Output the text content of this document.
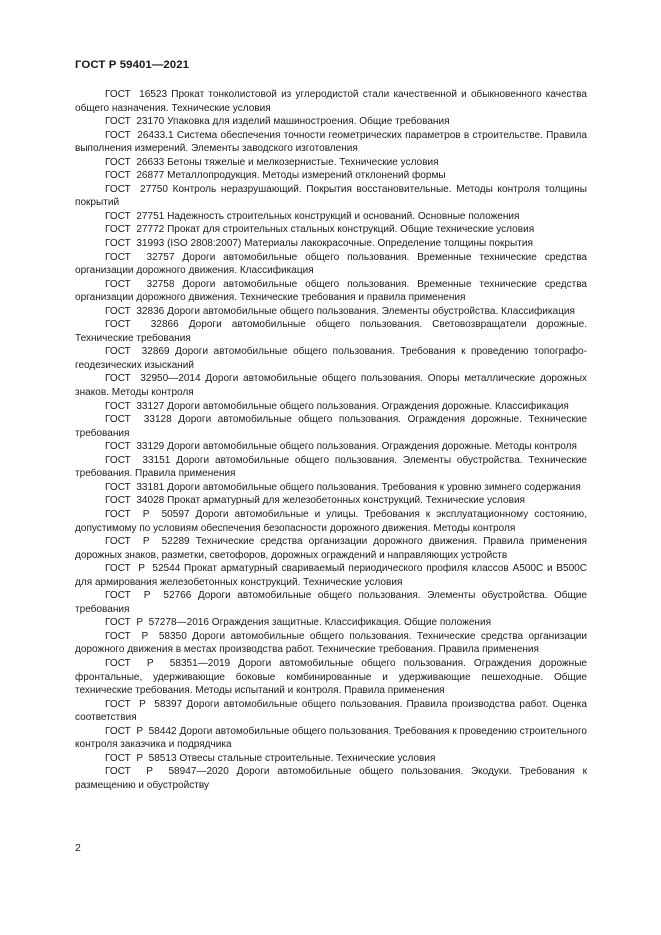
ГОСТ Р 59401—2021

ГОСТ  16523 Прокат тонколистовой из углеродистой стали качественной и обыкновенного качества общего назначения. Технические условия

ГОСТ  23170 Упаковка для изделий машиностроения. Общие требования

ГОСТ  26433.1 Система обеспечения точности геометрических параметров в строительстве. Правила выполнения измерений. Элементы заводского изготовления

ГОСТ  26633 Бетоны тяжелые и мелкозернистые. Технические условия

ГОСТ  26877 Металлопродукция. Методы измерений отклонений формы

ГОСТ  27750 Контроль неразрушающий. Покрытия восстановительные. Методы контроля толщины покрытий

ГОСТ  27751 Надежность строительных конструкций и оснований. Основные положения

ГОСТ  27772 Прокат для строительных стальных конструкций. Общие технические условия

ГОСТ  31993 (ISO 2808:2007) Материалы лакокрасочные. Определение толщины покрытия

ГОСТ  32757 Дороги автомобильные общего пользования. Временные технические средства организации дорожного движения. Классификация

ГОСТ  32758 Дороги автомобильные общего пользования. Временные технические средства организации дорожного движения. Технические требования и правила применения

ГОСТ  32836 Дороги автомобильные общего пользования. Элементы обустройства. Классификация

ГОСТ  32866 Дороги автомобильные общего пользования. Световозвращатели дорожные. Технические требования

ГОСТ  32869 Дороги автомобильные общего пользования. Требования к проведению топографо-геодезических изысканий

ГОСТ  32950—2014 Дороги автомобильные общего пользования. Опоры металлические дорожных знаков. Методы контроля

ГОСТ  33127 Дороги автомобильные общего пользования. Ограждения дорожные. Классификация

ГОСТ  33128 Дороги автомобильные общего пользования. Ограждения дорожные. Технические требования

ГОСТ  33129 Дороги автомобильные общего пользования. Ограждения дорожные. Методы контроля

ГОСТ  33151 Дороги автомобильные общего пользования. Элементы обустройства. Технические требования. Правила применения

ГОСТ  33181 Дороги автомобильные общего пользования. Требования к уровню зимнего содержания

ГОСТ  34028 Прокат арматурный для железобетонных конструкций. Технические условия

ГОСТ  Р  50597 Дороги автомобильные и улицы. Требования к эксплуатационному состоянию, допустимому по условиям обеспечения безопасности дорожного движения. Методы контроля

ГОСТ  Р  52289 Технические средства организации дорожного движения. Правила применения дорожных знаков, разметки, светофоров, дорожных ограждений и направляющих устройств

ГОСТ  Р  52544 Прокат арматурный свариваемый периодического профиля классов А500С и В500С для армирования железобетонных конструкций. Технические условия

ГОСТ  Р  52766 Дороги автомобильные общего пользования. Элементы обустройства. Общие требования

ГОСТ  Р  57278—2016 Ограждения защитные. Классификация. Общие положения

ГОСТ  Р  58350 Дороги автомобильные общего пользования. Технические средства организации дорожного движения в местах производства работ. Технические требования. Правила применения

ГОСТ  Р  58351—2019 Дороги автомобильные общего пользования. Ограждения дорожные фронтальные, удерживающие боковые комбинированные и удерживающие пешеходные. Общие технические требования. Методы испытаний и контроля. Правила применения

ГОСТ  Р  58397 Дороги автомобильные общего пользования. Правила производства работ. Оценка соответствия

ГОСТ  Р  58442 Дороги автомобильные общего пользования. Требования к проведению строительного контроля заказчика и подрядчика

ГОСТ  Р  58513 Отвесы стальные строительные. Технические условия

ГОСТ  Р  58947—2020 Дороги автомобильные общего пользования. Экодуки. Требования к размещению и обустройству

2
